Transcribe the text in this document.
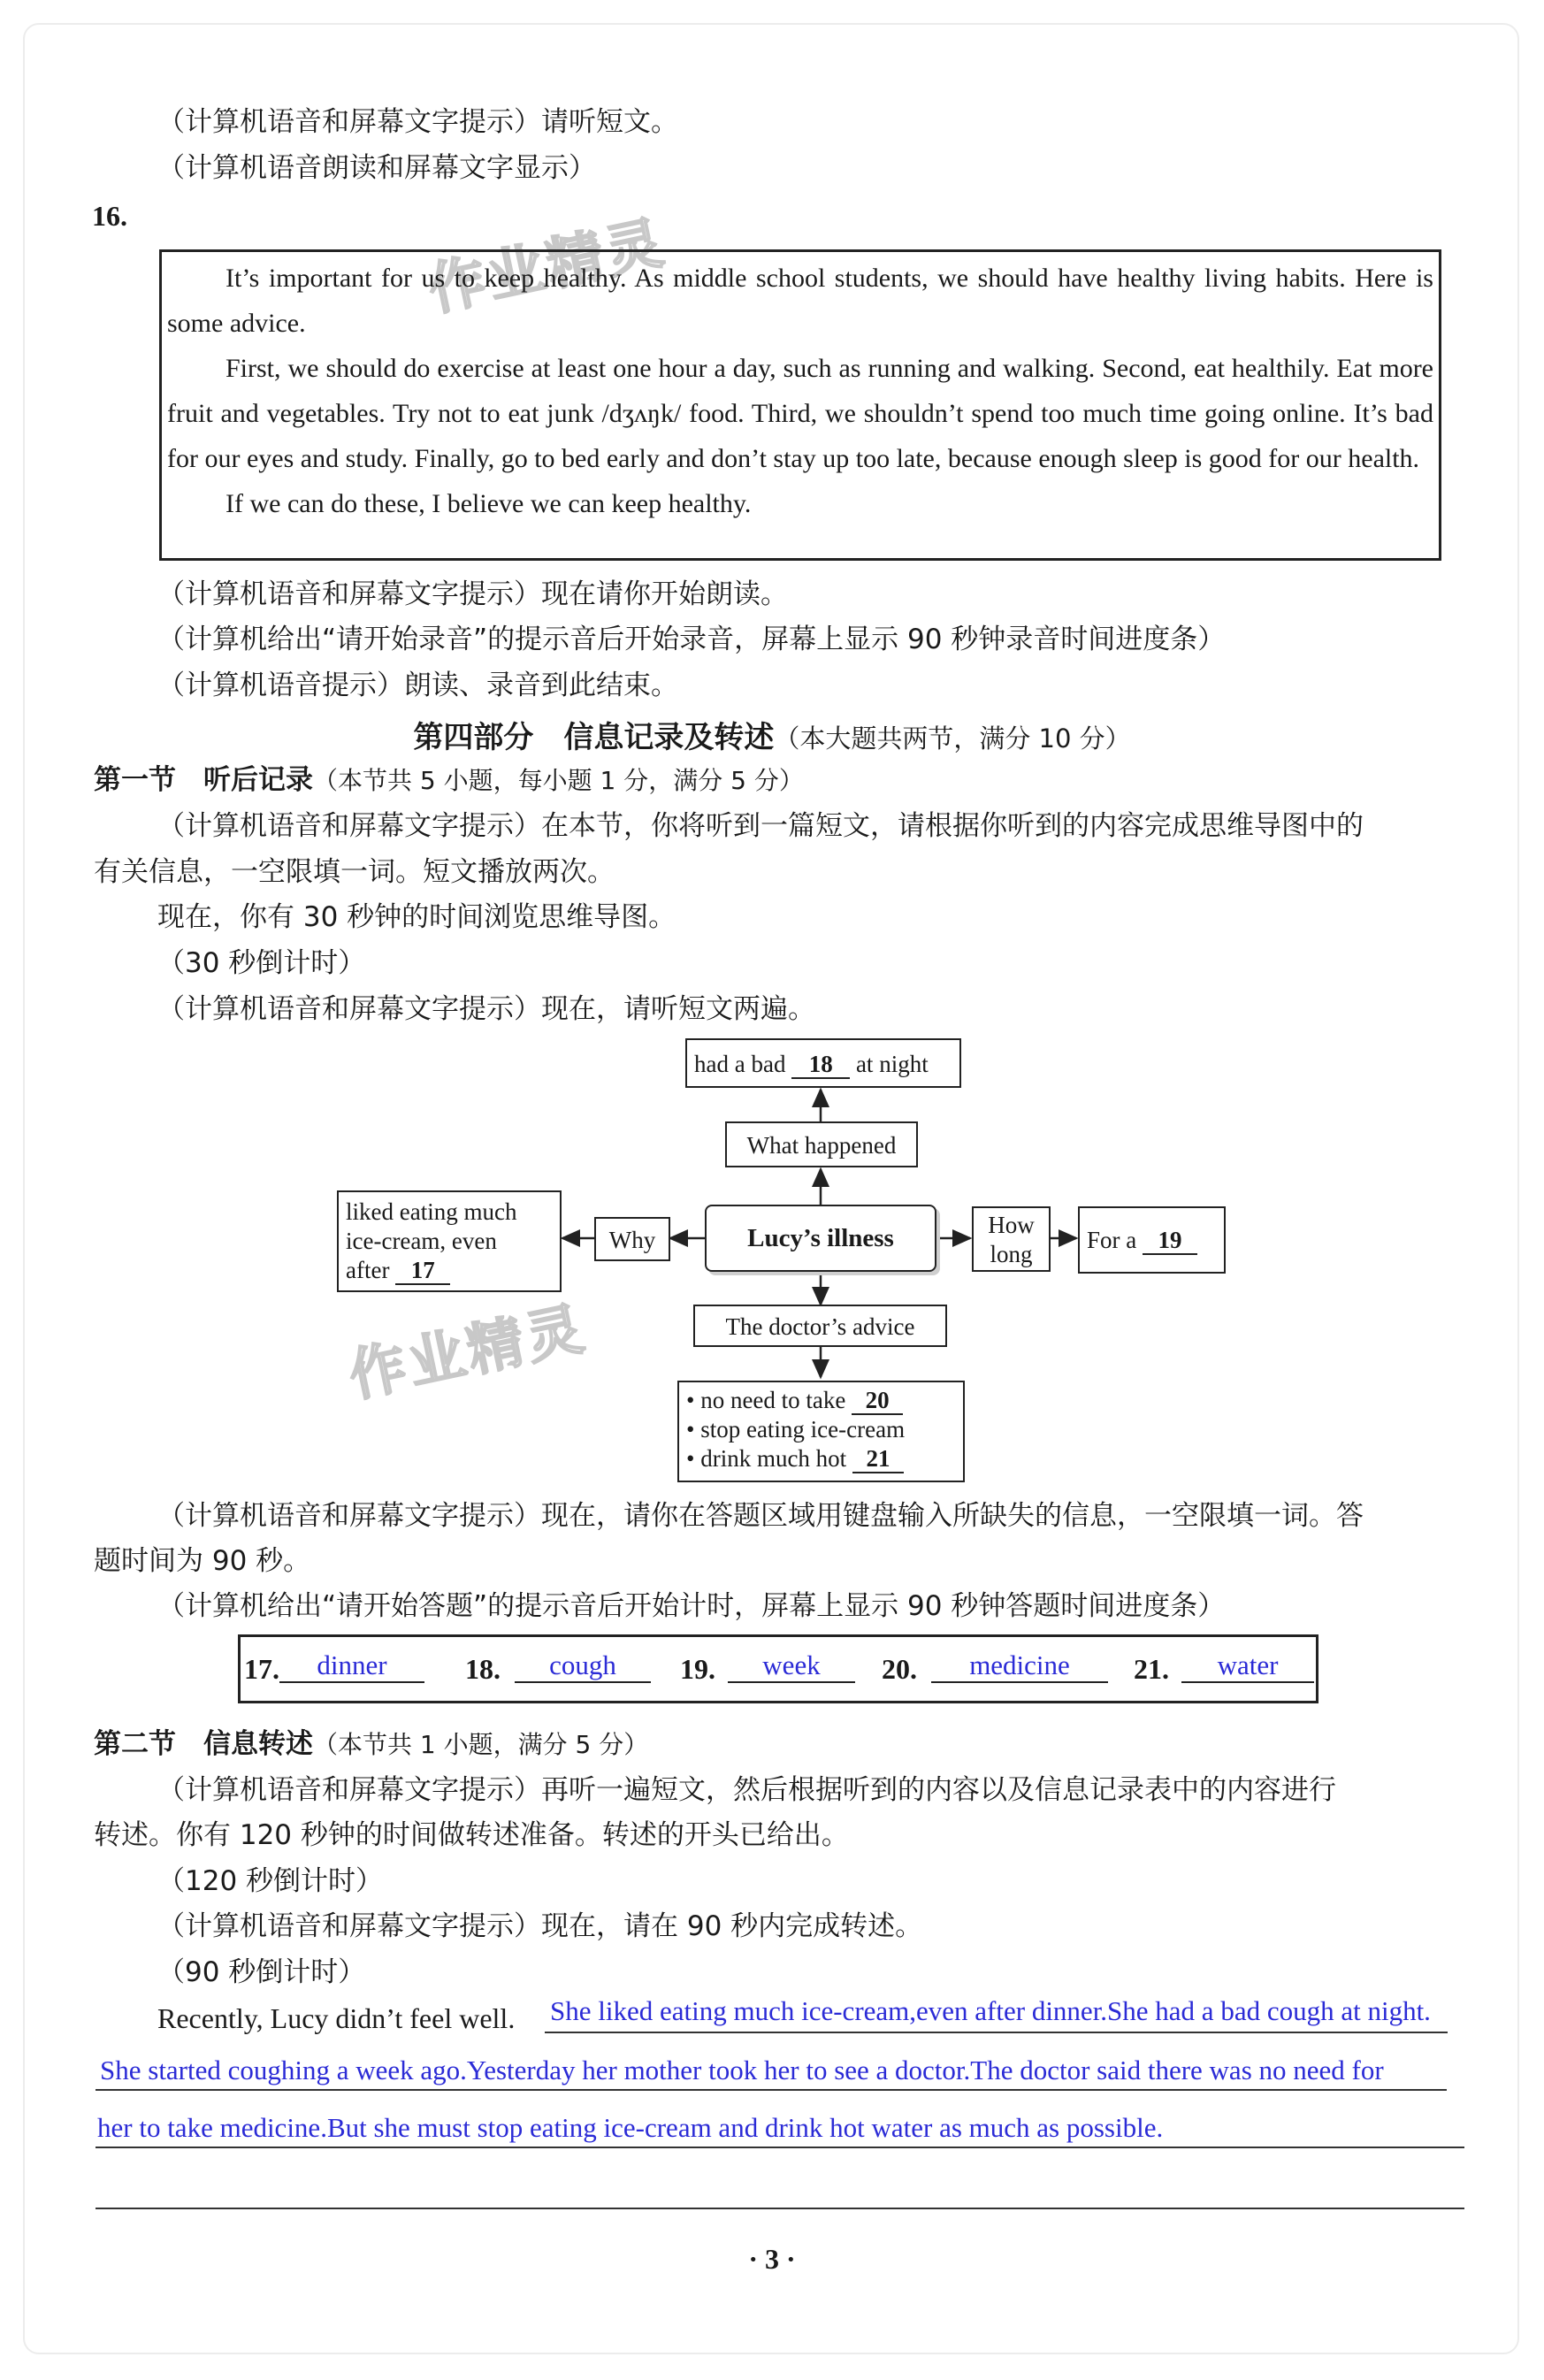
作业精灵
作业精灵
（计算机语音和屏幕文字提示）请听短文。
（计算机语音朗读和屏幕文字显示）
16.

It’s important for us to keep healthy. As middle school students, we should have healthy living habits. Here is some advice.

First, we should do exercise at least one hour a day, such as running and walking. Second, eat healthily. Eat more fruit and vegetables. Try not to eat junk /dʒʌŋk/ food. Third, we shouldn’t spend too much time going online. It’s bad for our eyes and study. Finally, go to bed early and don’t stay up too late, because enough sleep is good for our health.

If we can do these, I believe we can keep healthy.

（计算机语音和屏幕文字提示）现在请你开始朗读。
（计算机给出“请开始录音”的提示音后开始录音，屏幕上显示 90 秒钟录音时间进度条）
（计算机语音提示）朗读、录音到此结束。
第四部分　信息记录及转述（本大题共两节，满分 10 分）
第一节　听后记录（本节共 5 小题，每小题 1 分，满分 5 分）
（计算机语音和屏幕文字提示）在本节，你将听到一篇短文，请根据你听到的内容完成思维导图中的
有关信息，一空限填一词。短文播放两次。
现在，你有 30 秒钟的时间浏览思维导图。
（30 秒倒计时）
（计算机语音和屏幕文字提示）现在，请听短文两遍。
had a bad 18 at night
What happened
Lucy’s illness
Why
liked eating much
ice-cream, even
after 17
How
long
For a 19
The doctor’s advice
• no need to take 20
• stop eating ice-cream
• drink much hot 21
（计算机语音和屏幕文字提示）现在，请你在答题区域用键盘输入所缺失的信息，一空限填一词。答
题时间为 90 秒。
（计算机给出“请开始答题”的提示音后开始计时，屏幕上显示 90 秒钟答题时间进度条）
17.	dinner	18.	cough	19.	week	20.	medicine	21.	water
第二节　信息转述（本节共 1 小题，满分 5 分）
（计算机语音和屏幕文字提示）再听一遍短文，然后根据听到的内容以及信息记录表中的内容进行
转述。你有 120 秒钟的时间做转述准备。转述的开头已给出。
（120 秒倒计时）
（计算机语音和屏幕文字提示）现在，请在 90 秒内完成转述。
（90 秒倒计时）
Recently, Lucy didn’t feel well. She liked eating much ice-cream,even after dinner.She had a bad cough at night.
She started coughing a week ago.Yesterday her mother took her to see a doctor.The doctor said there was no need for
her to take medicine.But she must stop eating ice-cream and drink hot water as much as possible.
· 3 ·
